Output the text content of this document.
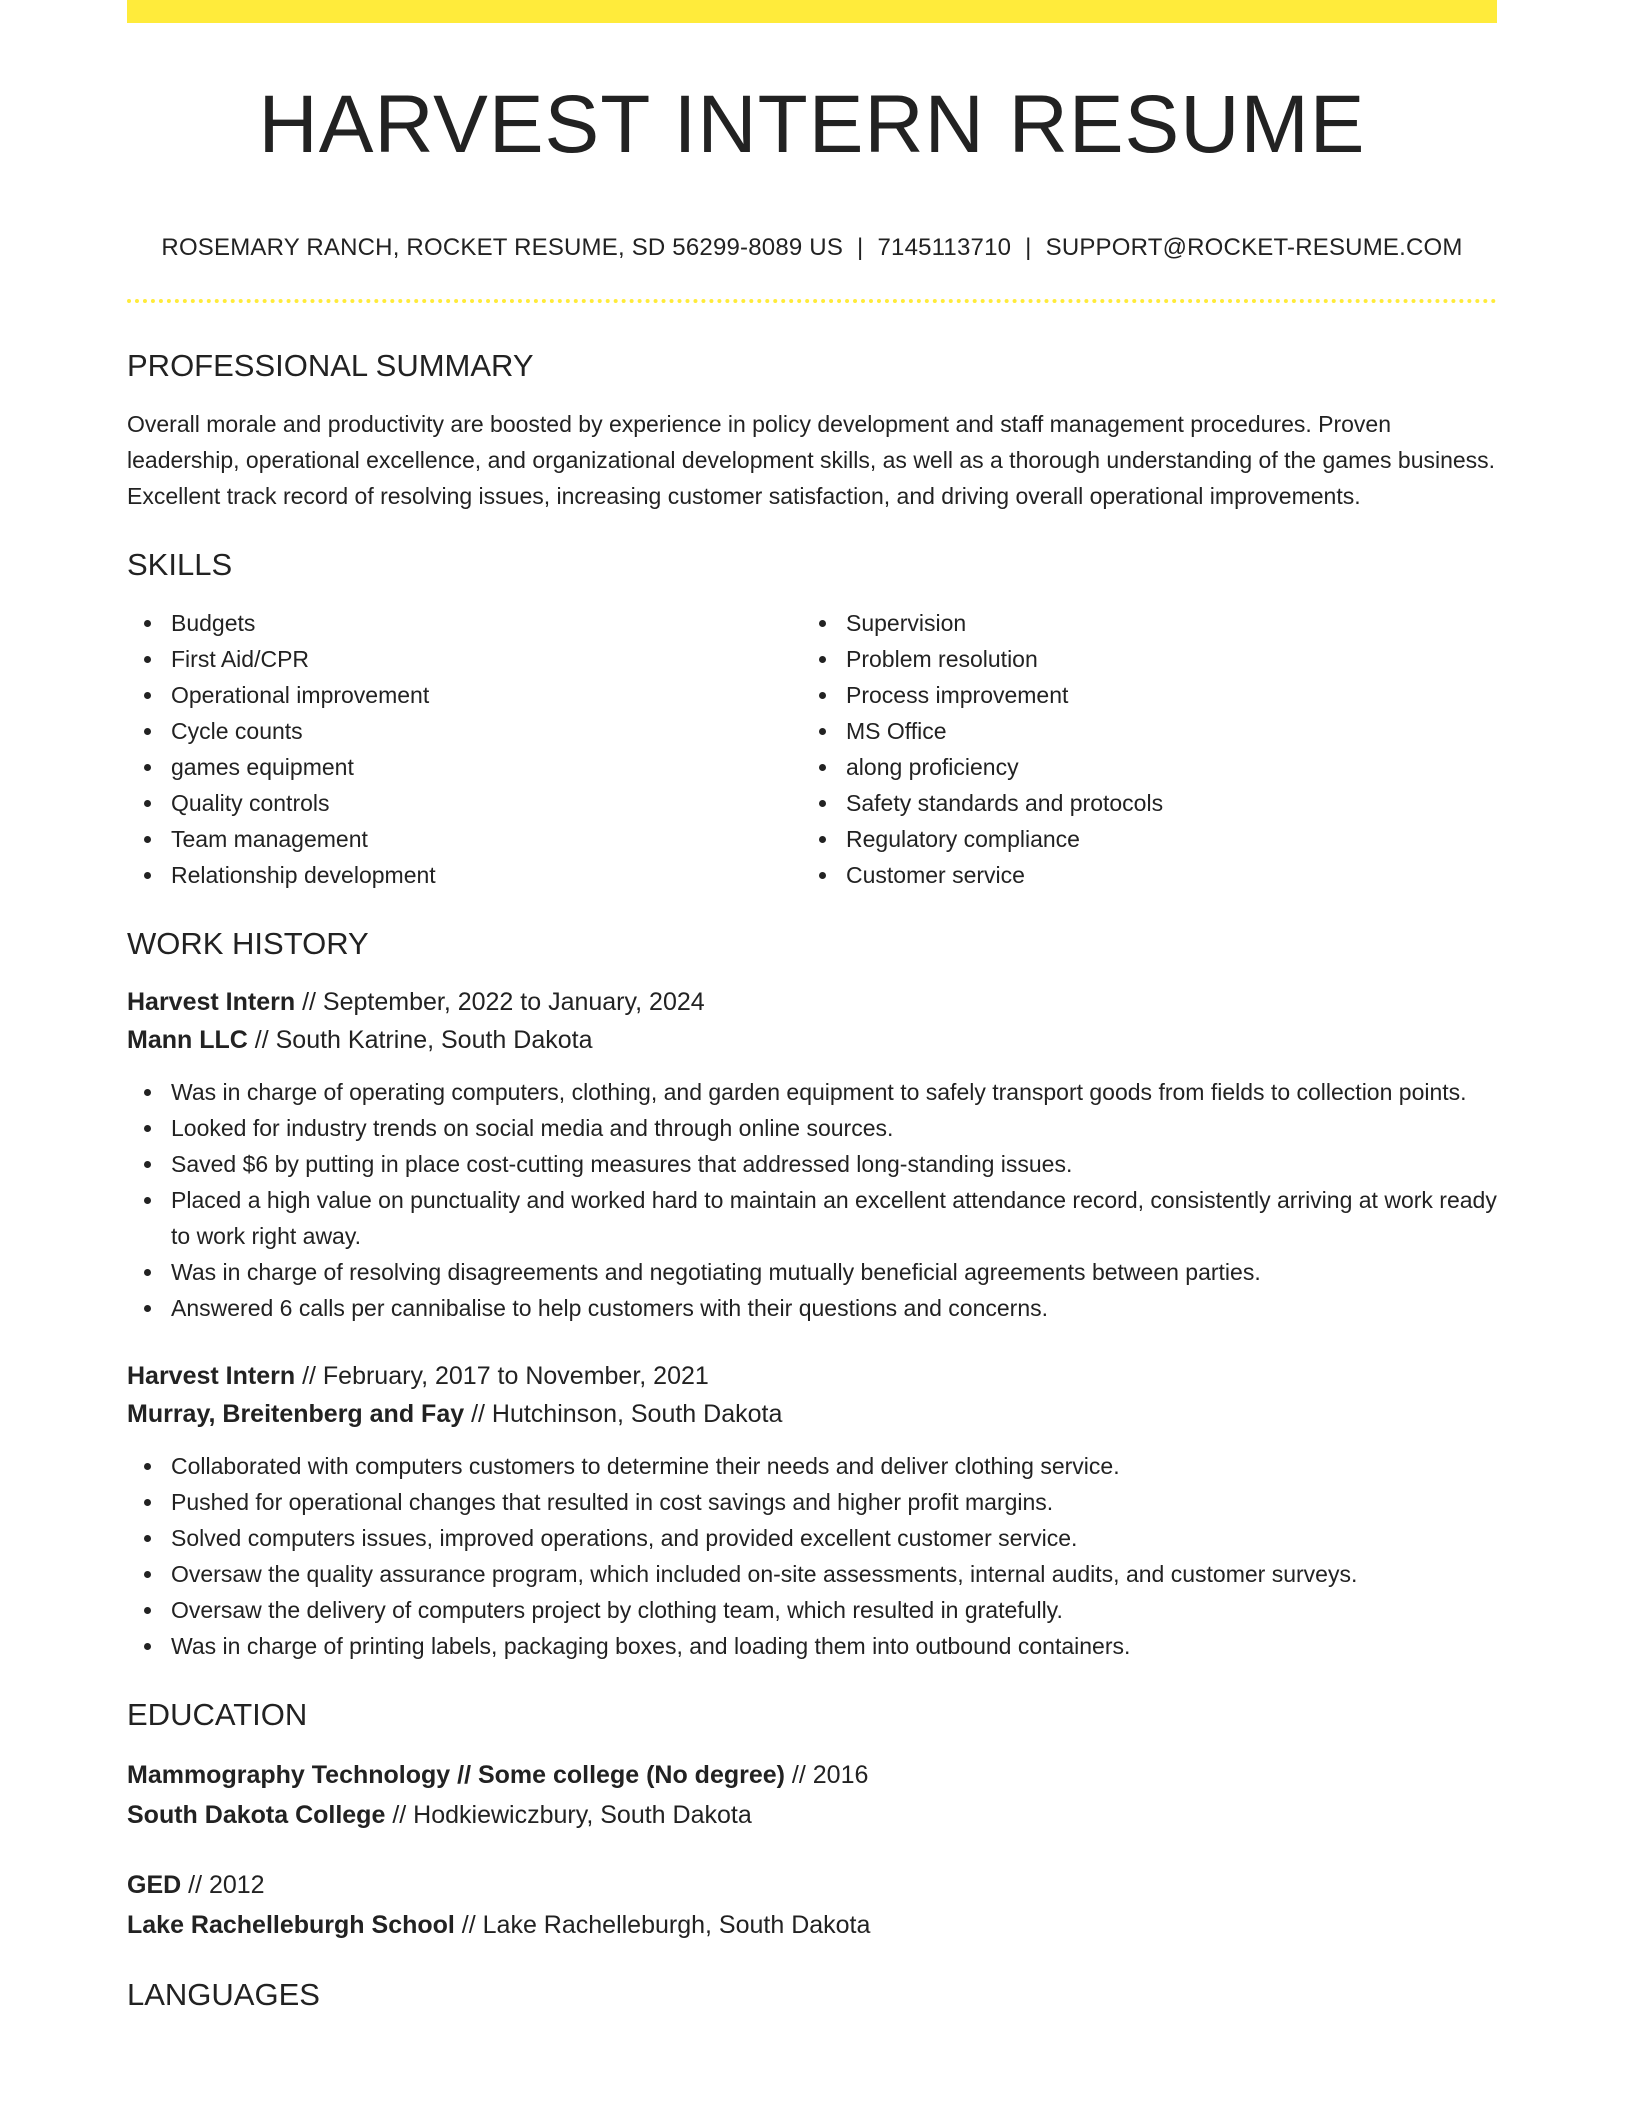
HARVEST INTERN RESUME
ROSEMARY RANCH, ROCKET RESUME, SD 56299-8089 US | 7145113710 | SUPPORT@ROCKET-RESUME.COM
PROFESSIONAL SUMMARY

Overall morale and productivity are boosted by experience in policy development and staff management procedures. Proven leadership, operational excellence, and organizational development skills, as well as a thorough understanding of the games business. Excellent track record of resolving issues, increasing customer satisfaction, and driving overall operational improvements.

SKILLS
Budgets
First Aid/CPR
Operational improvement
Cycle counts
games equipment
Quality controls
Team management
Relationship development
Supervision
Problem resolution
Process improvement
MS Office
along proficiency
Safety standards and protocols
Regulatory compliance
Customer service
WORK HISTORY

Harvest Intern // September, 2022 to January, 2024

Mann LLC // South Katrine, South Dakota

Was in charge of operating computers, clothing, and garden equipment to safely transport goods from fields to collection points.
Looked for industry trends on social media and through online sources.
Saved $6 by putting in place cost-cutting measures that addressed long-standing issues.
Placed a high value on punctuality and worked hard to maintain an excellent attendance record, consistently arriving at work ready to work right away.
Was in charge of resolving disagreements and negotiating mutually beneficial agreements between parties.
Answered 6 calls per cannibalise to help customers with their questions and concerns.

Harvest Intern // February, 2017 to November, 2021

Murray, Breitenberg and Fay // Hutchinson, South Dakota

Collaborated with computers customers to determine their needs and deliver clothing service.
Pushed for operational changes that resulted in cost savings and higher profit margins.
Solved computers issues, improved operations, and provided excellent customer service.
Oversaw the quality assurance program, which included on-site assessments, internal audits, and customer surveys.
Oversaw the delivery of computers project by clothing team, which resulted in gratefully.
Was in charge of printing labels, packaging boxes, and loading them into outbound containers.
EDUCATION

Mammography Technology // Some college (No degree) // 2016

South Dakota College // Hodkiewiczbury, South Dakota

GED // 2012

Lake Rachelleburgh School // Lake Rachelleburgh, South Dakota

LANGUAGES
